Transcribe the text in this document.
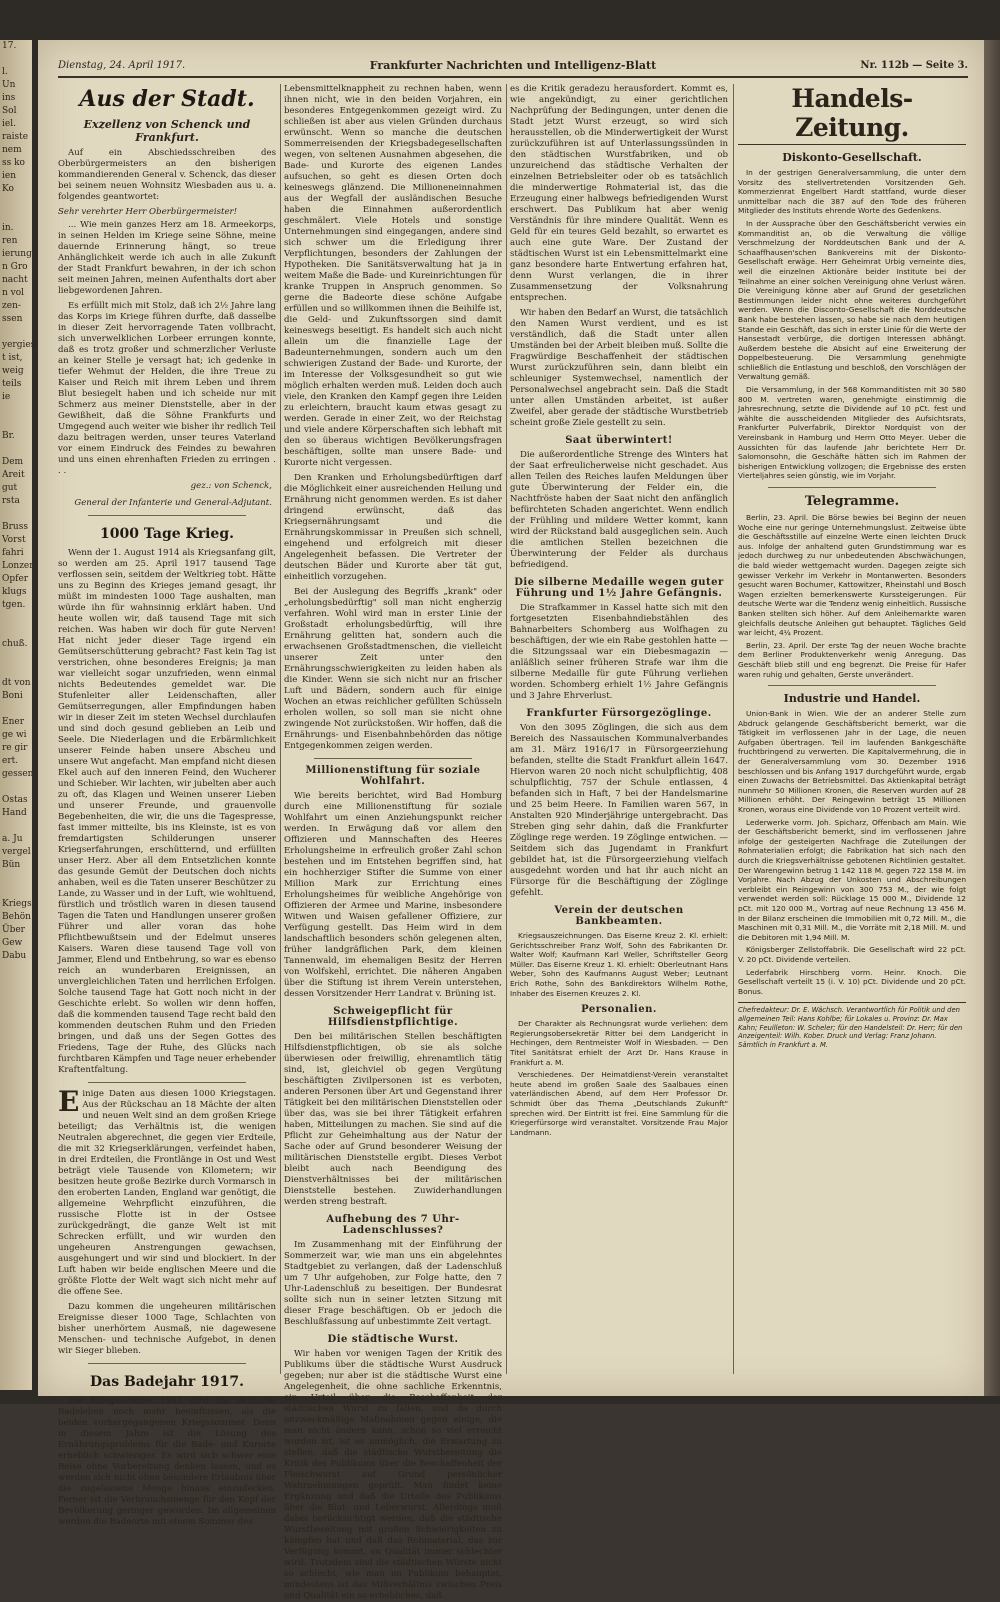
17.

l.
Un
ins
Sol
iel.
raiste
nem
ss ko
ien
Ko

in.
ren
ierung
n Gro
nacht
n vol
zen-
ssen

yergies
t ist,
weig
teils
ie

Br.

Dem
Areit
gut
rsta

Bruss
Vorst
fahri
Lonzer
Opfer
klugs
tgen.

chuß.

dt von
Boni

Ener
ge wi
re gir
ert.
gessen

Ostas
Hand

a. Ju
vergel
Bün

Kriegs
Behön
Über
Gew
Dabu
Dienstag, 24. April 1917.	Frankfurter Nachrichten und Intelligenz-Blatt	Nr. 112b — Seite 3.
Aus der Stadt.
Exzellenz von Schenck und Frankfurt.

Auf ein Abschiedsschreiben des Oberbürgermeisters an den bisherigen kommandierenden General v. Schenck, das dieser bei seinem neuen Wohnsitz Wiesbaden aus u. a. folgendes geantwortet:

Sehr verehrter Herr Oberbürgermeister!

... Wie mein ganzes Herz am 18. Armeekorps, in seinen Helden im Kriege seine Söhne, meine dauernde Erinnerung hängt, so treue Anhänglichkeit werde ich auch in alle Zukunft der Stadt Frankfurt bewahren, in der ich schon seit meinen Jahren, meinen Aufenthalts dort aber liebgewordenen Jahren.

Es erfüllt mich mit Stolz, daß ich 2½ Jahre lang das Korps im Kriege führen durfte, daß dasselbe in dieser Zeit hervorragende Taten vollbracht, sich unverwelklichen Lorbeer errungen konnte, daß es trotz großer und schmerzlicher Verluste an keiner Stelle je versagt hat; ich gedenke in tiefer Wehmut der Helden, die ihre Treue zu Kaiser und Reich mit ihrem Leben und ihrem Blut besiegelt haben und ich scheide nur mit Schmerz aus meiner Dienststelle, aber in der Gewißheit, daß die Söhne Frankfurts und Umgegend auch weiter wie bisher ihr redlich Teil dazu beitragen werden, unser teures Vaterland vor einem Eindruck des Feindes zu bewahren und uns einen ehrenhaften Frieden zu erringen . . .

gez.: von Schenck,
General der Infanterie und General-Adjutant.
1000 Tage Krieg.

Wenn der 1. August 1914 als Kriegsanfang gilt, so werden am 25. April 1917 tausend Tage verflossen sein, seitdem der Weltkrieg tobt. Hätte uns zu Beginn des Krieges jemand gesagt, ihr müßt im mindesten 1000 Tage aushalten, man würde ihn für wahnsinnig erklärt haben. Und heute wollen wir, daß tausend Tage mit sich reichen. Was haben wir doch für gute Nerven! Hat nicht jeder dieser Tage irgend ein Gemütserschütterung gebracht? Fast kein Tag ist verstrichen, ohne besonderes Ereignis; ja man war vielleicht sogar unzufrieden, wenn einmal nichts Bedeutendes gemeldet war. Die Stufenleiter aller Leidenschaften, aller Gemütserregungen, aller Empfindungen haben wir in dieser Zeit im steten Wechsel durchlaufen und sind doch gesund geblieben an Leib und Seele. Die Niederlagen und die Erbärmlichkeit unserer Feinde haben unsere Abscheu und unsere Wut angefacht. Man empfand nicht diesen Ekel auch auf den inneren Feind, den Wucherer und Schieber. Wir lachten, wir jubelten aber auch zu oft, das Klagen und Weinen unserer Lieben und unserer Freunde, und grauenvolle Begebenheiten, die wir, die uns die Tagespresse, fast immer mitteilte, bis ins Kleinste, ist es von fremdartigsten Schilderungen unserer Kriegserfahrungen, erschütternd, und erfüllten unser Herz. Aber all dem Entsetzlichen konnte das gesunde Gemüt der Deutschen doch nichts anhaben, weil es die Taten unserer Beschützer zu Lande, zu Wasser und in der Luft, wie wohltuend, fürstlich und tröstlich waren in diesen tausend Tagen die Taten und Handlungen unserer großen Führer und aller voran das hohe Pflichtbewußtsein und der Edelmut unseres Kaisers. Waren diese tausend Tage voll von Jammer, Elend und Entbehrung, so war es ebenso reich an wunderbaren Ereignissen, an unvergleichlichen Taten und herrlichen Erfolgen. Solche tausend Tage hat Gott noch nicht in der Geschichte erlebt. So wollen wir denn hoffen, daß die kommenden tausend Tage recht bald den kommenden deutschen Ruhm und den Frieden bringen, und daß uns der Segen Gottes des Friedens, Tage der Ruhe, des Glücks nach furchtbaren Kämpfen und Tage neuer erhebender Kraftentfaltung.

Einige Daten aus diesen 1000 Kriegstagen. Aus der Rückschau an 18 Mächte der alten und neuen Welt sind an dem großen Kriege beteiligt; das Verhältnis ist, die wenigen Neutralen abgerechnet, die gegen vier Erdteile, die mit 32 Kriegserklärungen, verfeindet haben, in drei Erdteilen, die Frontlänge in Ost und West beträgt viele Tausende von Kilometern; wir besitzen heute große Bezirke durch Vormarsch in den eroberten Landen, England war genötigt, die allgemeine Wehrpflicht einzuführen, die russische Flotte ist in der Ostsee zurückgedrängt, die ganze Welt ist mit Schrecken erfüllt, und wir wurden den ungeheuren Anstrengungen gewachsen, ausgehungert und wir sind und blockiert. In der Luft haben wir beide englischen Meere und die größte Flotte der Welt wagt sich nicht mehr auf die offene See.

Dazu kommen die ungeheuren militärischen Ereignisse dieser 1000 Tage, Schlachten von bisher unerhörtem Ausmaß, nie dagewesene Menschen- und technische Aufgebot, in denen wir Sieger blieben.

Das Badejahr 1917.

Der Kriegssommer 1917 wird das deutsche Badeleben noch mehr beeinflussen, als die beiden vorhergegangenen Kriegssommer. Denn in diesem Jahre ist die Lösung des Ernährungsproblems für die Bade- und Kurorte erheblich schwieriger. Es wird sich schwer eine Reise ohne Vorbereitung denken lassen, und es werden sich nicht ohne besondere Erlaubnis über die zugelassene Menge hinaus einzudecken. Ferner ist die Verbrauchsmenge für den Kopf der Bevölkerung geringer geworden. Im allgemeinen werden die Badeorte mit einem Sommer des

Lebensmittelknappheit zu rechnen haben, wenn ihnen nicht, wie in den beiden Vorjahren, ein besonderes Entgegenkommen gezeigt wird. Zu schließen ist aber aus vielen Gründen durchaus erwünscht. Wenn so manche die deutschen Sommerreisenden der Kriegsbadegesellschaften wegen, von seltenen Ausnahmen abgesehen, die Bade- und Kurorte des eigenen Landes aufsuchen, so geht es diesen Orten doch keineswegs glänzend. Die Millioneneinnahmen aus der Wegfall der ausländischen Besuche haben die Einnahmen außerordentlich geschmälert. Viele Hotels und sonstige Unternehmungen sind eingegangen, andere sind sich schwer um die Erledigung ihrer Verpflichtungen, besonders der Zahlungen der Hypotheken. Die Sanitätsverwaltung hat ja in weitem Maße die Bade- und Kureinrichtungen für kranke Truppen in Anspruch genommen. So gerne die Badeorte diese schöne Aufgabe erfüllen und so willkommen ihnen die Beihilfe ist, die Geld- und Zukunftssorgen sind damit keineswegs beseitigt. Es handelt sich auch nicht allein um die finanzielle Lage der Badeunternehmungen, sondern auch um den schwierigen Zustand der Bade- und Kurorte, der im Interesse der Volksgesundheit so gut wie möglich erhalten werden muß. Leiden doch auch viele, den Kranken den Kampf gegen ihre Leiden zu erleichtern, braucht kaum etwas gesagt zu werden. Gerade in einer Zeit, wo der Reichstag und viele andere Körperschaften sich lebhaft mit den so überaus wichtigen Bevölkerungsfragen beschäftigen, sollte man unsere Bade- und Kurorte nicht vergessen.

Den Kranken und Erholungsbedürftigen darf die Möglichkeit einer ausreichenden Heilung und Ernährung nicht genommen werden. Es ist daher dringend erwünscht, daß das Kriegsernährungsamt und die Ernährungskommissar in Preußen sich schnell, eingehend und erfolgreich mit dieser Angelegenheit befassen. Die Vertreter der deutschen Bäder und Kurorte aber tät gut, einheitlich vorzugehen.

Bei der Auslegung des Begriffs „krank" oder „erholungsbedürftig" soll man nicht engherzig verfahren. Wohl wird man in erster Linie der Großstadt erholungsbedürftig, will ihre Ernährung gelitten hat, sondern auch die erwachsenen Großstadtmenschen, die vielleicht unserer Zeit unter den Ernährungsschwierigkeiten zu leiden haben als die Kinder. Wenn sie sich nicht nur an frischer Luft und Bädern, sondern auch für einige Wochen an etwas reichlicher gefüllten Schüsseln erholen wollen, so soll man sie nicht ohne zwingende Not zurückstoßen. Wir hoffen, daß die Ernährungs- und Eisenbahnbehörden das nötige Entgegenkommen zeigen werden.

Millionenstiftung für soziale Wohlfahrt.

Wie bereits berichtet, wird Bad Homburg durch eine Millionenstiftung für soziale Wohlfahrt um einen Anziehungspunkt reicher werden. In Erwägung daß vor allem den Offizieren und Mannschaften des Heeres Erholungsheime in erfreulich großer Zahl schon bestehen und im Entstehen begriffen sind, hat ein hochherziger Stifter die Summe von einer Million Mark zur Errichtung eines Erholungsheimes für weibliche Angehörige von Offizieren der Armee und Marine, insbesondere Witwen und Waisen gefallener Offiziere, zur Verfügung gestellt. Das Heim wird in dem landschaftlich besonders schön gelegenen alten, früher landgräflichen Park, dem kleinen Tannenwald, im ehemaligen Besitz der Herren von Wolfskehl, errichtet. Die näheren Angaben über die Stiftung ist ihrem Verein unterstehen, dessen Vorsitzender Herr Landrat v. Brüning ist.

Schweigepflicht für Hilfsdienstpflichtige.

Den bei militärischen Stellen beschäftigten Hilfsdienstpflichtigen, ob sie als solche überwiesen oder freiwillig, ehrenamtlich tätig sind, ist, gleichviel ob gegen Vergütung beschäftigten Zivilpersonen ist es verboten, anderen Personen über Art und Gegenstand ihrer Tätigkeit bei den militärischen Dienststellen oder über das, was sie bei ihrer Tätigkeit erfahren haben, Mitteilungen zu machen. Sie sind auf die Pflicht zur Geheimhaltung aus der Natur der Sache oder auf Grund besonderer Weisung der militärischen Dienststelle ergibt. Dieses Verbot bleibt auch nach Beendigung des Dienstverhältnisses bei der militärischen Dienststelle bestehen. Zuwiderhandlungen werden streng bestraft.

Aufhebung des 7 Uhr-Ladenschlusses?

Im Zusammenhang mit der Einführung der Sommerzeit war, wie man uns ein abgelehntes Stadtgebiet zu verlangen, daß der Ladenschluß um 7 Uhr aufgehoben, zur Folge hatte, den 7 Uhr-Ladenschluß zu beseitigen. Der Bundesrat sollte sich nun in seiner letzten Sitzung mit dieser Frage beschäftigen. Ob er jedoch die Beschlußfassung auf unbestimmte Zeit vertagt.

Die städtische Wurst.

Wir haben vor wenigen Tagen der Kritik des Publikums über die städtische Wurst Ausdruck gegeben; nur aber ist die städtische Wurst eine Angelegenheit, die ohne sachliche Erkenntnis, ein Urteil über die Beschaffenheit der städtischen Wurst zu fällen, und da durch unzweckmäßige Maßnahmen gegen einige, die man nicht ändern kann, schon so viel erreicht worden ist, ist es unmöglich, die Erwartung zu stellen, daß die städtische Wurstbereitung die Kritik des Publikums über die Beschaffenheit der Fleischwurst auf Grund persönlicher Wahrnehmungen geprüft. Man findet keine Ergänzung und daß die Urteile des Publikums über die Blut- und Leberwurst. Allerdings muß dabei berücksichtigt werden, daß die städtische Wurstbereitung mit großen Schwierigkeiten zu kämpfen hat und daß das Rohmaterial, das zur Verfügung kommt, an Qualität immer schlechter wird. Trotzdem sind die städtischen Würste nicht so schlecht, wie man im Publikum behauptet, mindestens ist das Mißverhältnis zwischen Preis und Qualität ein so erhebliches, daß

es die Kritik geradezu herausfordert. Kommt es, wie angekündigt, zu einer gerichtlichen Nachprüfung der Bedingungen, unter denen die Stadt jetzt Wurst erzeugt, so wird sich herausstellen, ob die Minderwertigkeit der Wurst zurückzuführen ist auf Unterlassungssünden in den städtischen Wurstfabriken, und ob unzureichend das städtische Verhalten der einzelnen Betriebsleiter oder ob es tatsächlich die minderwertige Rohmaterial ist, das die Erzeugung einer halbwegs befriedigenden Wurst erschwert. Das Publikum hat aber wenig Verständnis für ihre mindere Qualität. Wenn es Geld für ein teures Geld bezahlt, so erwartet es auch eine gute Ware. Der Zustand der städtischen Wurst ist ein Lebensmittelmarkt eine ganz besondere harte Entwertung erfahren hat, denn Wurst verlangen, die in ihrer Zusammensetzung der Volksnahrung entsprechen.

Wir haben den Bedarf an Wurst, die tatsächlich den Namen Wurst verdient, und es ist verständlich, daß die Stadt unter allen Umständen bei der Arbeit bleiben muß. Sollte die Fragwürdige Beschaffenheit der städtischen Wurst zurückzuführen sein, dann bleibt ein schleuniger Systemwechsel, namentlich der Personalwechsel angebracht sein. Daß die Stadt unter allen Umständen arbeitet, ist außer Zweifel, aber gerade der städtische Wurstbetrieb scheint große Ziele gestellt zu sein.

Saat überwintert!

Die außerordentliche Strenge des Winters hat der Saat erfreulicherweise nicht geschadet. Aus allen Teilen des Reiches laufen Meldungen über gute Überwinterung der Felder ein, die Nachtfröste haben der Saat nicht den anfänglich befürchteten Schaden angerichtet. Wenn endlich der Frühling und mildere Wetter kommt, kann wird der Rückstand bald ausgeglichen sein. Auch die amtlichen Stellen bezeichnen die Überwinterung der Felder als durchaus befriedigend.

Die silberne Medaille wegen guter Führung und 1½ Jahre Gefängnis.

Die Strafkammer in Kassel hatte sich mit den fortgesetzten Eisenbahndiebstählen des Bahnarbeiters Schomberg aus Wolfhagen zu beschäftigen, der wie ein Rabe gestohlen hatte — die Sitzungssaal war ein Diebesmagazin — anläßlich seiner früheren Strafe war ihm die silberne Medaille für gute Führung verliehen worden. Schomberg erhielt 1½ Jahre Gefängnis und 3 Jahre Ehrverlust.

Frankfurter Fürsorgezöglinge.

Von den 3095 Zöglingen, die sich aus dem Bereich des Nassauischen Kommunalverbandes am 31. März 1916/17 in Fürsorgeerziehung befanden, stellte die Stadt Frankfurt allein 1647. Hiervon waren 20 noch nicht schulpflichtig, 408 schulpflichtig, 757 der Schule entlassen, 4 befanden sich in Haft, 7 bei der Handelsmarine und 25 beim Heere. In Familien waren 567, in Anstalten 920 Minderjährige untergebracht. Das Streben ging sehr dahin, daß die Frankfurter Zöglinge rege werden. 19 Zöglinge entwichen. — Seitdem sich das Jugendamt in Frankfurt gebildet hat, ist die Fürsorgeerziehung vielfach ausgedehnt worden und hat ihr auch nicht an Fürsorge für die Beschäftigung der Zöglinge gefehlt.

Verein der deutschen Bankbeamten.

Kriegsauszeichnungen. Das Eiserne Kreuz 2. Kl. erhielt: Gerichtsschreiber Franz Wolf, Sohn des Fabrikanten Dr. Walter Wolf; Kaufmann Karl Weller, Schriftsteller Georg Müller. Das Eiserne Kreuz 1. Kl. erhielt: Oberleutnant Hans Weber, Sohn des Kaufmanns August Weber; Leutnant Erich Rothe, Sohn des Bankdirektors Wilhelm Rothe, Inhaber des Eisernen Kreuzes 2. Kl.

Personalien.

Der Charakter als Rechnungsrat wurde verliehen: dem Regierungsobersekretär Ritter bei dem Landgericht in Hechingen, dem Rentmeister Wolf in Wiesbaden. — Den Titel Sanitätsrat erhielt der Arzt Dr. Hans Krause in Frankfurt a. M.

Verschiedenes. Der Heimatdienst-Verein veranstaltet heute abend im großen Saale des Saalbaues einen vaterländischen Abend, auf dem Herr Professor Dr. Schmidt über das Thema „Deutschlands Zukunft" sprechen wird. Der Eintritt ist frei. Eine Sammlung für die Kriegerfürsorge wird veranstaltet. Vorsitzende Frau Major Landmann.

Handels-Zeitung.
Diskonto-Gesellschaft.

In der gestrigen Generalversammlung, die unter dem Vorsitz des stellvertretenden Vorsitzenden Geh. Kommerzienrat Engelbert Hardt stattfand, wurde dieser unmittelbar nach die 387 auf den Tode des früheren Mitglieder des Instituts ehrende Worte des Gedenkens.

In der Aussprache über den Geschäftsbericht verwies ein Kommanditist an, ob die Verwaltung die völlige Verschmelzung der Norddeutschen Bank und der A. Schaaffhausen'schen Bankvereins mit der Diskonto-Gesellschaft erwäge. Herr Geheimrat Urbig verneinte dies, weil die einzelnen Aktionäre beider Institute bei der Teilnahme an einer solchen Vereinigung ohne Verlust wären. Die Vereinigung könne aber auf Grund der gesetzlichen Bestimmungen leider nicht ohne weiteres durchgeführt werden. Wenn die Disconto-Gesellschaft die Norddeutsche Bank habe bestehen lassen, so habe sie nach dem heutigen Stande ein Geschäft, das sich in erster Linie für die Werte der Hansestadt verbürge, die dortigen Interessen abhängt. Außerdem bestehe die Absicht auf eine Erweiterung der Doppelbesteuerung. Die Versammlung genehmigte schließlich die Entlastung und beschloß, den Vorschlägen der Verwaltung gemäß.

Die Versammlung, in der 568 Kommanditisten mit 30 580 800 M. vertreten waren, genehmigte einstimmig die Jahresrechnung, setzte die Dividende auf 10 pCt. fest und wählte die ausscheidenden Mitglieder des Aufsichtsrats, Frankfurter Pulverfabrik, Direktor Nordquist von der Vereinsbank in Hamburg und Herrn Otto Meyer. Ueber die Aussichten für das laufende Jahr berichtete Herr Dr. Salomonsohn, die Geschäfte hätten sich im Rahmen der bisherigen Entwicklung vollzogen; die Ergebnisse des ersten Vierteljahres seien günstig, wie im Vorjahr.

Telegramme.

Berlin, 23. April. Die Börse bewies bei Beginn der neuen Woche eine nur geringe Unternehmungslust. Zeitweise übte die Geschäftsstille auf einzelne Werte einen leichten Druck aus. Infolge der anhaltend guten Grundstimmung war es jedoch durchweg zu nur unbedeutenden Abschwächungen, die bald wieder wettgemacht wurden. Dagegen zeigte sich gewisser Verkehr im Verkehr in Montanwerten. Besonders gesucht waren Bochumer, Kattowitzer, Rheinstahl und Bosch Wagen erzielten bemerkenswerte Kurssteigerungen. Für deutsche Werte war die Tendenz wenig einheitlich. Russische Banken stellten sich höher. Auf dem Anleihemarkte waren gleichfalls deutsche Anleihen gut behauptet. Tägliches Geld war leicht, 4¼ Prozent.

Berlin, 23. April. Der erste Tag der neuen Woche brachte dem Berliner Produktenverkehr wenig Anregung. Das Geschäft blieb still und eng begrenzt. Die Preise für Hafer waren ruhig und gehalten, Gerste unverändert.

Industrie und Handel.

Union-Bank in Wien. Wie der an anderer Stelle zum Abdruck gelangende Geschäftsbericht bemerkt, war die Tätigkeit im verflossenen Jahr in der Lage, die neuen Aufgaben übertragen. Teil im laufenden Bankgeschäfte fruchtbringend zu verwerten. Die Kapitalvermehrung, die in der Generalversammlung vom 30. Dezember 1916 beschlossen und bis Anfang 1917 durchgeführt wurde, ergab einen Zuwachs der Betriebsmittel. Das Aktienkapital beträgt nunmehr 50 Millionen Kronen, die Reserven wurden auf 28 Millionen erhöht. Der Reingewinn beträgt 15 Millionen Kronen, woraus eine Dividende von 10 Prozent verteilt wird.

Lederwerke vorm. Joh. Spicharz, Offenbach am Main. Wie der Geschäftsbericht bemerkt, sind im verflossenen Jahre infolge der gesteigerten Nachfrage die Zuteilungen der Rohmaterialien erfolgt; die Fabrikation hat sich nach den durch die Kriegsverhältnisse gebotenen Richtlinien gestaltet. Der Warengewinn betrug 1 142 118 M. gegen 722 158 M. im Vorjahre. Nach Abzug der Unkosten und Abschreibungen verbleibt ein Reingewinn von 300 753 M., der wie folgt verwendet werden soll: Rücklage 15 000 M., Dividende 12 pCt. mit 120 000 M., Vortrag auf neue Rechnung 13 456 M. In der Bilanz erscheinen die Immobilien mit 0,72 Mill. M., die Maschinen mit 0,31 Mill. M., die Vorräte mit 2,18 Mill. M. und die Debitoren mit 1,94 Mill. M.

Königsberger Zellstoffabrik. Die Gesellschaft wird 22 pCt. V. 20 pCt. Dividende verteilen.

Lederfabrik Hirschberg vorm. Heinr. Knoch. Die Gesellschaft verteilt 15 (i. V. 10) pCt. Dividende und 20 pCt. Bonus.

Chefredakteur: Dr. E. Wächsch. Verantwortlich für Politik und den allgemeinen Teil: Hans Kohlbe; für Lokales u. Provinz: Dr. Max Kahn; Feuilleton: W. Scheler; für den Handelsteil: Dr. Herr; für den Anzeigenteil: Wilh. Kober. Druck und Verlag: Franz Johann. Sämtlich in Frankfurt a. M.
